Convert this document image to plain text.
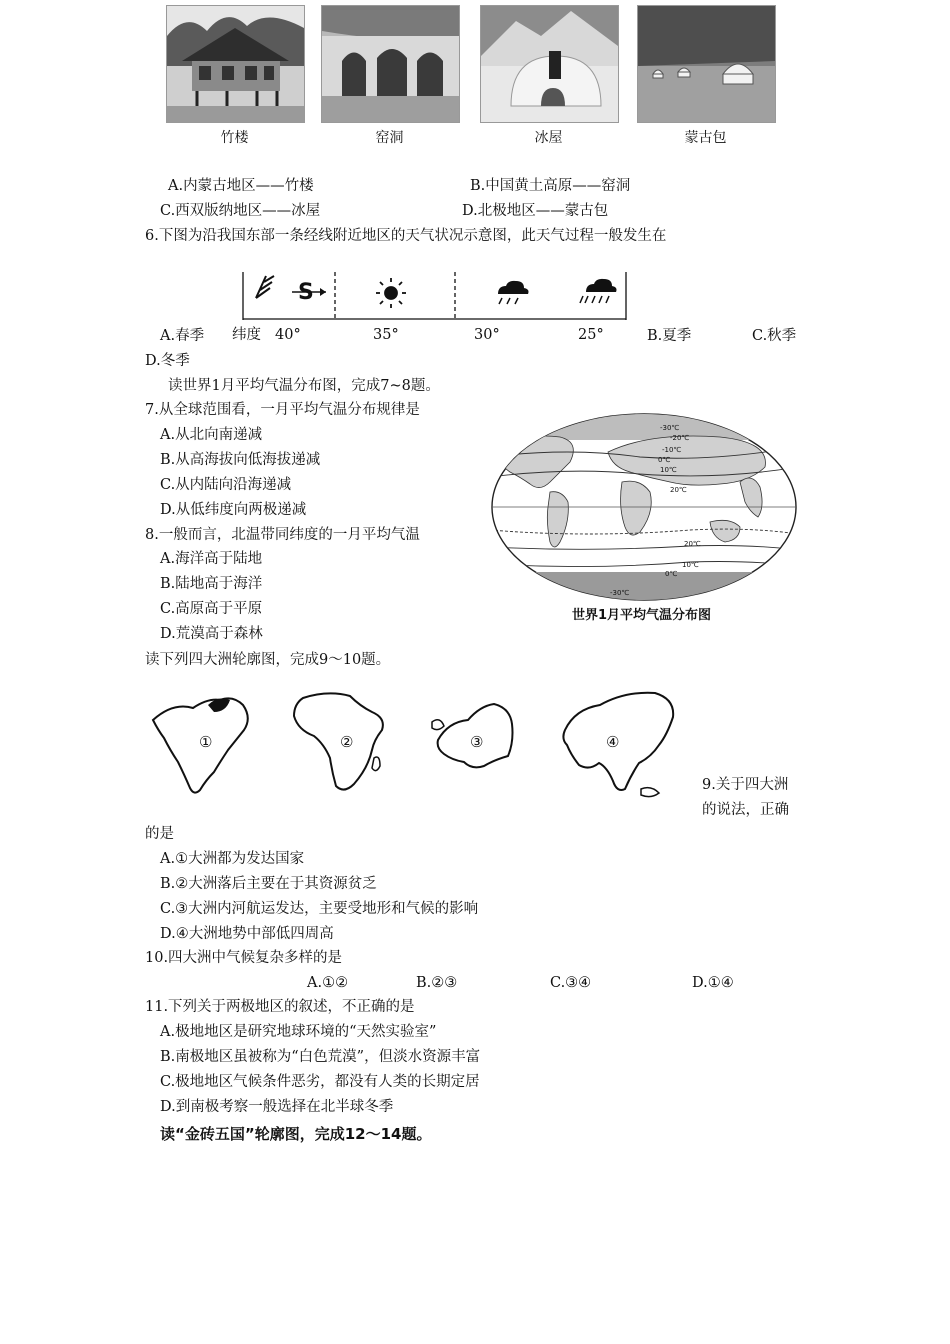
竹楼	窑洞	冰屋	蒙古包
A.内蒙古地区——竹楼	B.中国黄土高原——窑洞
C.西双版纳地区——冰屋	D.北极地区——蒙古包
6.下图为沿我国东部一条经线附近地区的天气状况示意图，此天气过程一般发生在
S
A.春季 纬度 40°	35°	30°	25°	B.夏季	C.秋季
D.冬季
读世界1月平均气温分布图，完成7~8题。
7.从全球范围看，一月平均气温分布规律是
A.从北向南递减
B.从高海拔向低海拔递减
C.从内陆向沿海递减
D.从低纬度向两极递减
8.一般而言，北温带同纬度的一月平均气温
A.海洋高于陆地
B.陆地高于海洋
C.高原高于平原
D.荒漠高于森林
-30℃
-20℃
-10℃
0℃
10℃
20℃
20℃
10℃
0℃
-30℃
世界1月平均气温分布图
读下列四大洲轮廓图，完成9～10题。
①	②	③	④
9.关于四大洲
的说法，正确
的是
A.①大洲都为发达国家
B.②大洲落后主要在于其资源贫乏
C.③大洲内河航运发达，主要受地形和气候的影响
D.④大洲地势中部低四周高
10.四大洲中气候复杂多样的是
A.①②	B.②③	C.③④	D.①④
11.下列关于两极地区的叙述，不正确的是
A.极地地区是研究地球环境的“天然实验室”
B.南极地区虽被称为“白色荒漠”，但淡水资源丰富
C.极地地区气候条件恶劣，都没有人类的长期定居
D.到南极考察一般选择在北半球冬季
读“金砖五国”轮廓图，完成12～14题。
